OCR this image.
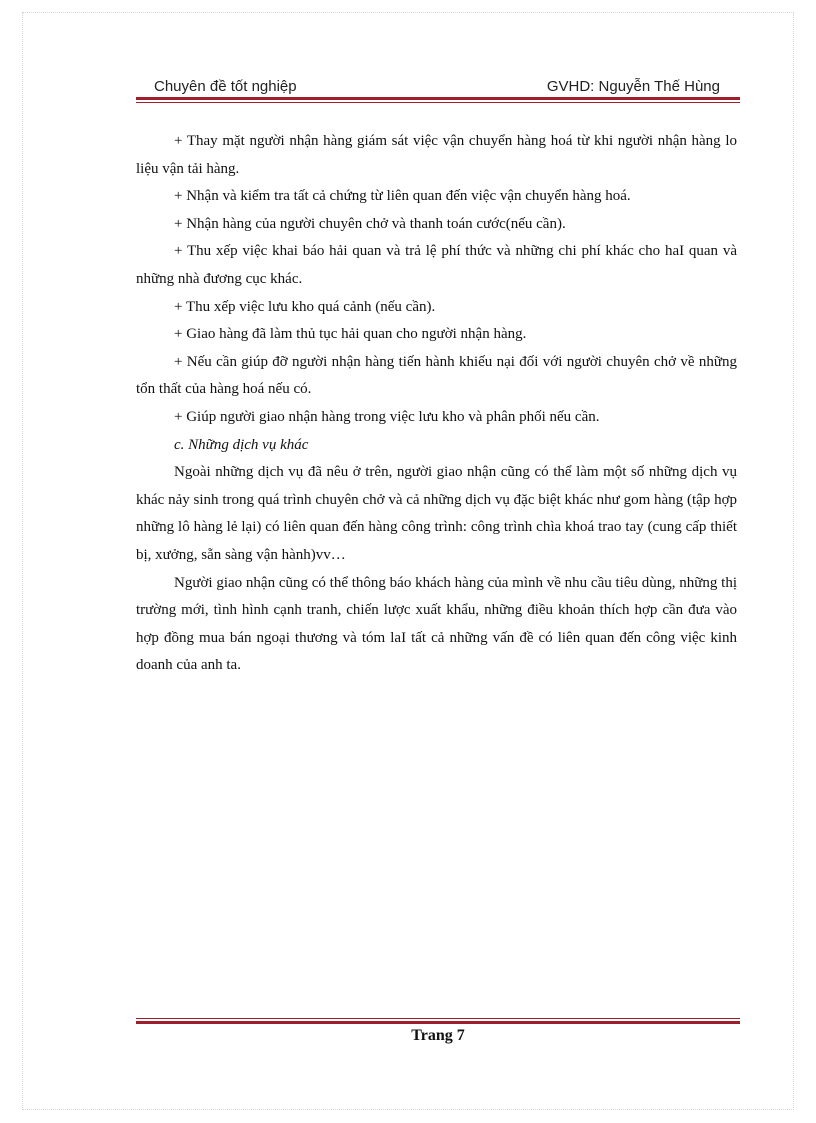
Chuyên đề tốt nghiệp	GVHD: Nguyễn Thế Hùng

+ Thay mặt người nhận hàng giám sát việc vận chuyển hàng hoá từ khi người nhận hàng lo liệu vận tải hàng.

+ Nhận và kiểm tra tất cả chứng từ liên quan đến việc vận chuyển hàng hoá.

+ Nhận hàng của người chuyên chở và thanh toán cước(nếu cần).

+ Thu xếp việc khai báo hải quan và trả lệ phí thức và những chi phí khác cho haI quan và những nhà đương cục khác.

+ Thu xếp việc lưu kho quá cảnh (nếu cần).

+ Giao hàng đã làm thủ tục hải quan cho người nhận hàng.

+ Nếu cần giúp đỡ người nhận hàng tiến hành khiếu nại đối với người chuyên chở về những tổn thất của hàng hoá nếu có.

+ Giúp người giao nhận hàng trong việc lưu kho và phân phối nếu cần.

c. Những dịch vụ khác

Ngoài những dịch vụ đã nêu ở trên, người giao nhận cũng có thể làm một số những dịch vụ khác nảy sinh trong quá trình chuyên chở và cả những dịch vụ đặc biệt khác như gom hàng (tập hợp những lô hàng lẻ lại) có liên quan đến hàng công trình: công trình chìa khoá trao tay (cung cấp thiết bị, xưởng, sẵn sàng vận hành)vv…

Người giao nhận cũng có thể thông báo khách hàng của mình về nhu cầu tiêu dùng, những thị trường mới, tình hình cạnh tranh, chiến lược xuất khẩu, những điều khoản thích hợp cần đưa vào hợp đồng mua bán ngoại thương và tóm laI tất cả những vấn đề có liên quan đến công việc kinh doanh của anh ta.

Trang 7
